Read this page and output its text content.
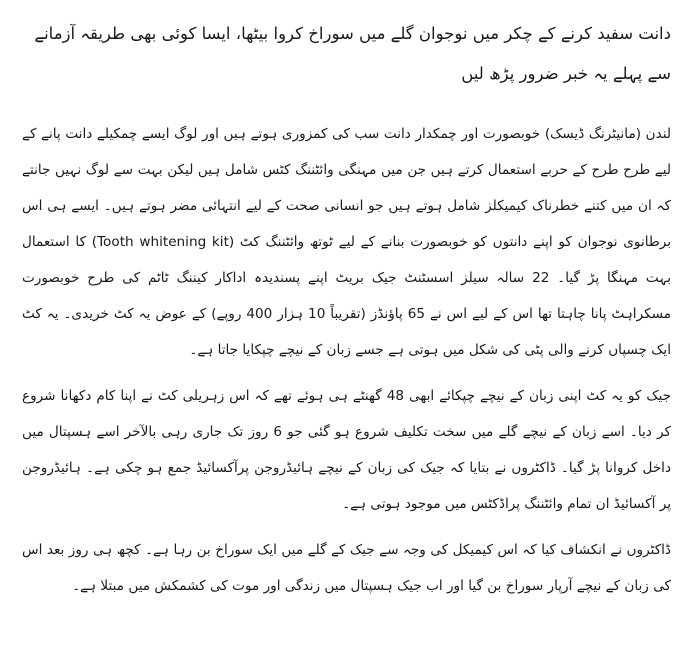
دانت سفید کرنے کے چکر میں نوجوان گلے میں سوراخ کروا بیٹھا، ایسا کوئی بھی طریقہ آزمانے سے پہلے یہ خبر ضرور پڑھ لیں

لندن (مانیٹرنگ ڈیسک) خوبصورت اور چمکدار دانت سب کی کمزوری ہوتے ہیں اور لوگ ایسے چمکیلے دانت پانے کے لیے طرح طرح کے حربے استعمال کرتے ہیں جن میں مہنگی وائٹننگ کٹس شامل ہیں لیکن بہت سے لوگ نہیں جانتے کہ ان میں کتنے خطرناک کیمیکلز شامل ہوتے ہیں جو انسانی صحت کے لیے انتہائی مضر ہوتے ہیں۔ ایسے ہی اس برطانوی نوجوان کو اپنے دانتوں کو خوبصورت بنانے کے لیے ٹوتھ وائٹننگ کٹ (Tooth whitening kit) کا استعمال بہت مہنگا پڑ گیا۔ 22 سالہ سیلز اسسٹنٹ جیک بریٹ اپنے پسندیدہ اداکار کیننگ ٹاٹم کی طرح خوبصورت مسکراہٹ پانا چاہتا تھا اس کے لیے اس نے 65 پاﺅنڈز (تقریباً 10 ہزار 400 روپے) کے عوض یہ کٹ خریدی۔ یہ کٹ ایک چسپاں کرنے والی پٹی کی شکل میں ہوتی ہے جسے زبان کے نیچے چپکایا جاتا ہے۔

جیک کو یہ کٹ اپنی زبان کے نیچے چپکائے ابھی 48 گھنٹے ہی ہوئے تھے کہ اس زہریلی کٹ نے اپنا کام دکھانا شروع کر دیا۔ اسے زبان کے نیچے گلے میں سخت تکلیف شروع ہو گئی جو 6 روز تک جاری رہی بالآخر اسے ہسپتال میں داخل کروانا پڑ گیا۔ ڈاکٹروں نے بتایا کہ جیک کی زبان کے نیچے ہائیڈروجن پرآکسائیڈ جمع ہو چکی ہے۔ ہائیڈروجن پر آکسائیڈ ان تمام وائٹننگ پراڈکٹس میں موجود ہوتی ہے۔

ڈاکٹروں نے انکشاف کیا کہ اس کیمیکل کی وجہ سے جیک کے گلے میں ایک سوراخ بن رہا ہے۔ کچھ ہی روز بعد اس کی زبان کے نیچے آرپار سوراخ بن گیا اور اب جیک ہسپتال میں زندگی اور موت کی کشمکش میں مبتلا ہے۔
